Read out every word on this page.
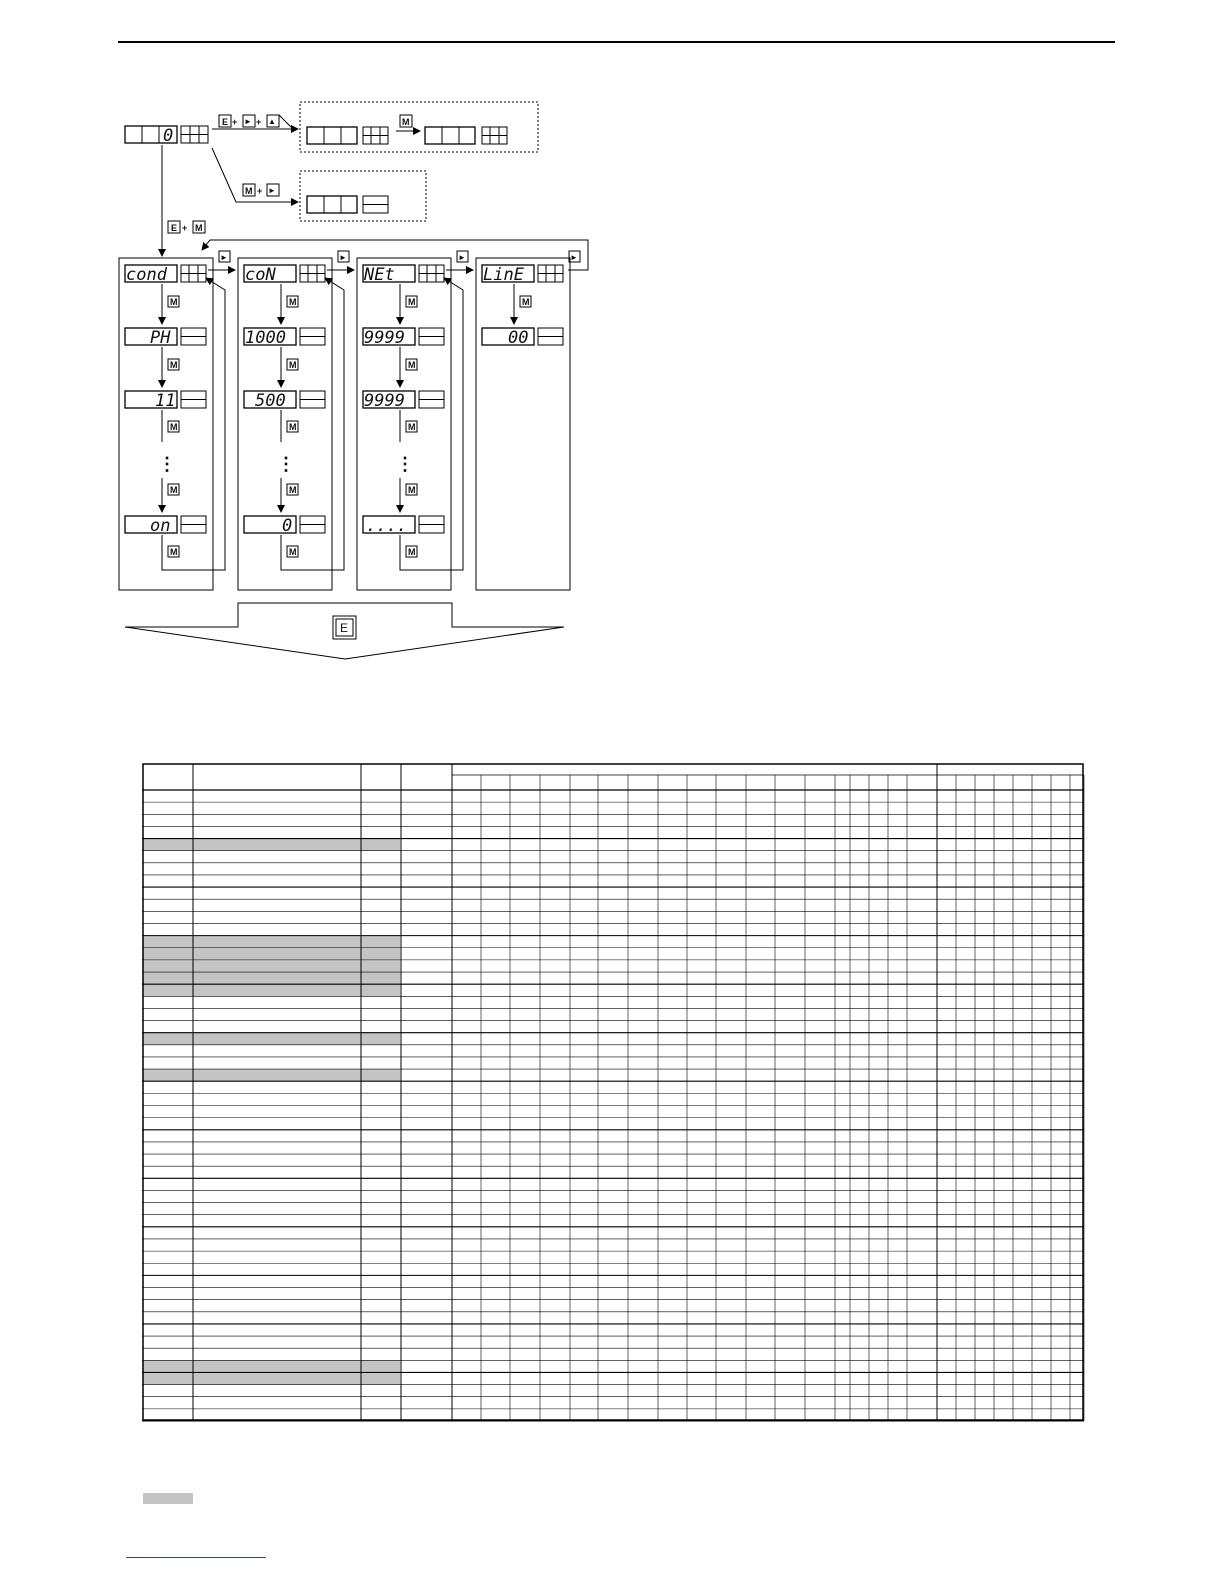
0
E + ► + ▲	M
M + ►
E + M
cond
PH
11
⋮
on
M
M
M
M
M
►	►	►	►
coN
1000
500
⋮
0
M
M
M
M
M
NEt
9999
9999
⋮
....
M
M
M
M
M
LinE
00
M
E
